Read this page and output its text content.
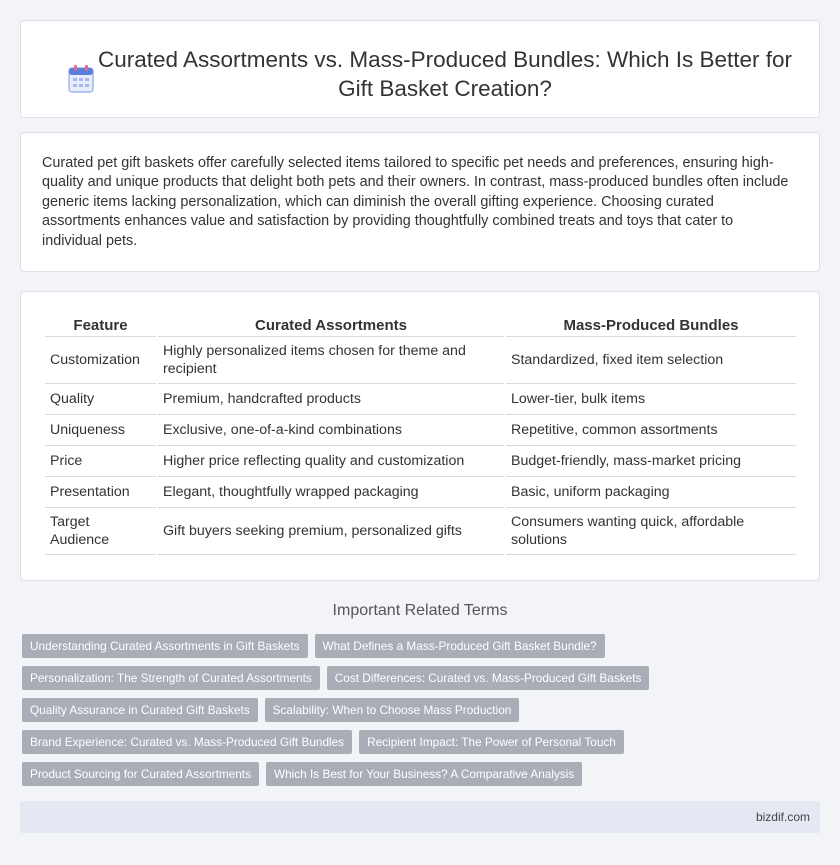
Curated Assortments vs. Mass-Produced Bundles: Which Is Better for Gift Basket Creation?

Curated pet gift baskets offer carefully selected items tailored to specific pet needs and preferences, ensuring high-quality and unique products that delight both pets and their owners. In contrast, mass-produced bundles often include generic items lacking personalization, which can diminish the overall gifting experience. Choosing curated assortments enhances value and satisfaction by providing thoughtfully combined treats and toys that cater to individual pets.

Feature	Curated Assortments	Mass-Produced Bundles
Customization	Highly personalized items chosen for theme and recipient	Standardized, fixed item selection
Quality	Premium, handcrafted products	Lower-tier, bulk items
Uniqueness	Exclusive, one-of-a-kind combinations	Repetitive, common assortments
Price	Higher price reflecting quality and customization	Budget-friendly, mass-market pricing
Presentation	Elegant, thoughtfully wrapped packaging	Basic, uniform packaging
Target Audience	Gift buyers seeking premium, personalized gifts	Consumers wanting quick, affordable solutions
Important Related Terms
Understanding Curated Assortments in Gift Baskets	What Defines a Mass-Produced Gift Basket Bundle?
Personalization: The Strength of Curated Assortments	Cost Differences: Curated vs. Mass-Produced Gift Baskets
Quality Assurance in Curated Gift Baskets	Scalability: When to Choose Mass Production
Brand Experience: Curated vs. Mass-Produced Gift Bundles	Recipient Impact: The Power of Personal Touch
Product Sourcing for Curated Assortments	Which Is Best for Your Business? A Comparative Analysis
bizdif.com
